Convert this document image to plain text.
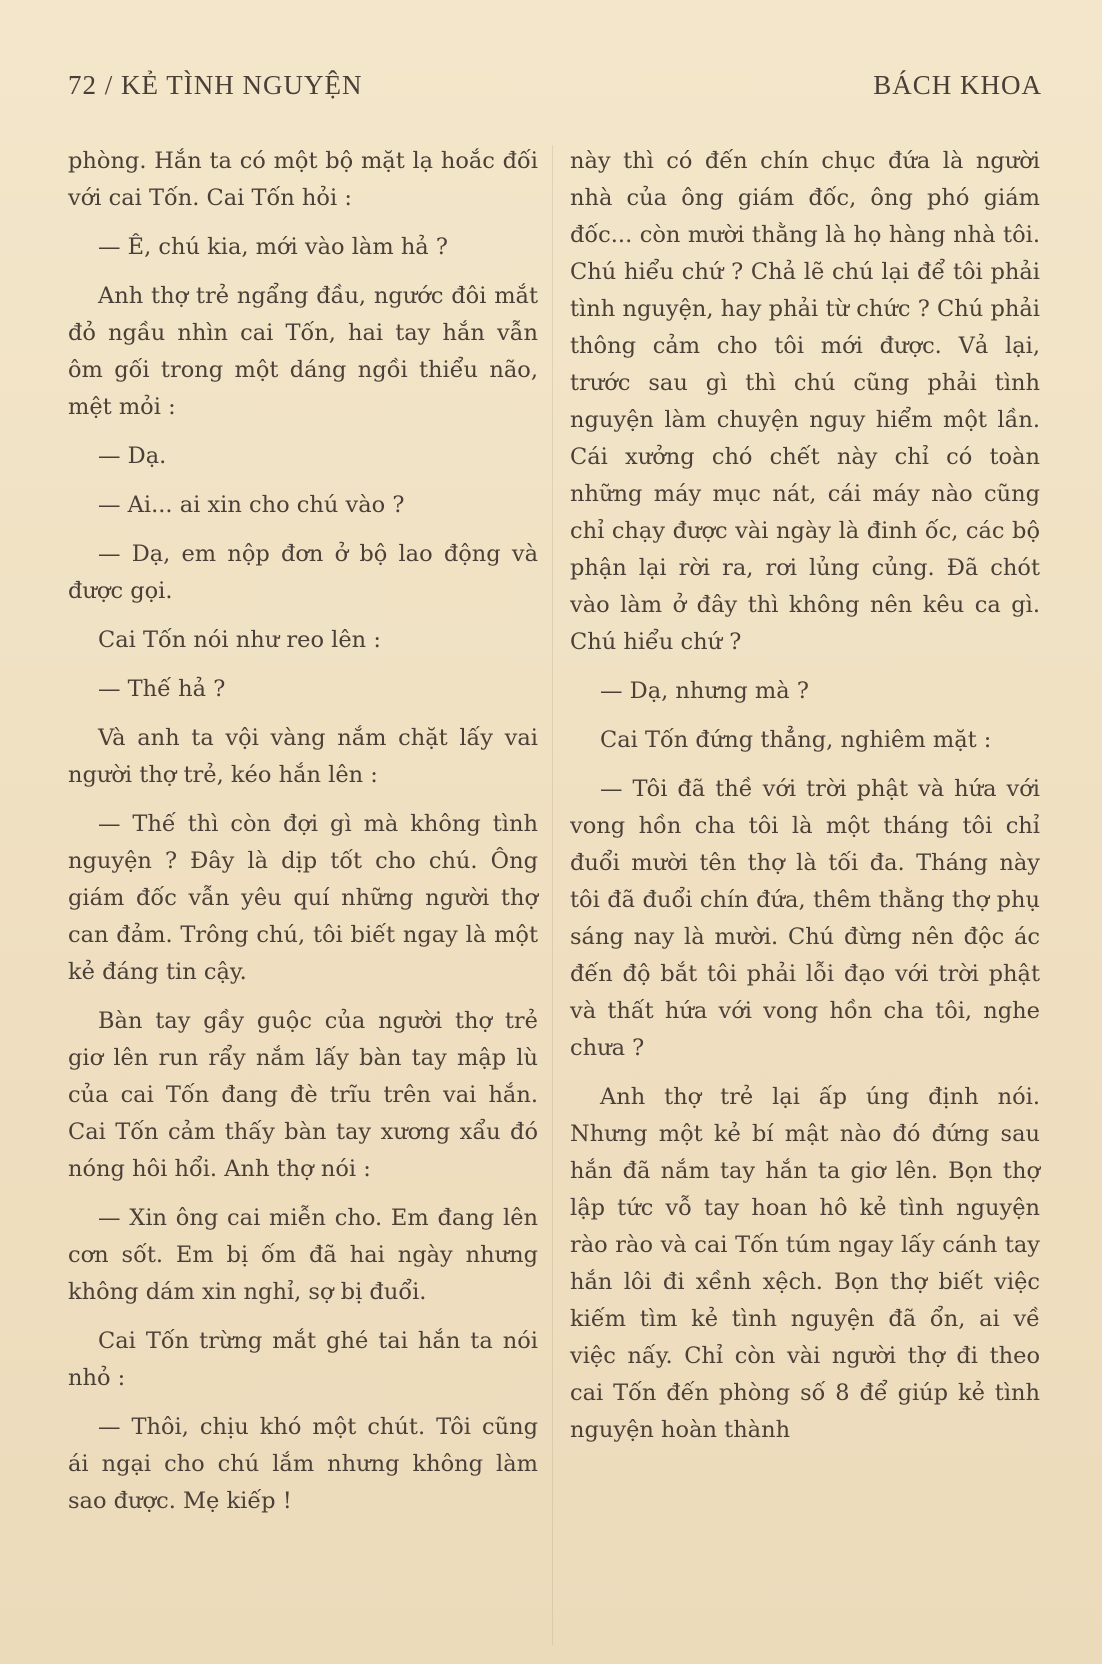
72 / KẺ TÌNH NGUYỆN	BÁCH KHOA

phòng. Hắn ta có một bộ mặt lạ hoắc đối với cai Tốn. Cai Tốn hỏi :

— Ê, chú kia, mới vào làm hả ?

Anh thợ trẻ ngẩng đầu, ngước đôi mắt đỏ ngầu nhìn cai Tốn, hai tay hắn vẫn ôm gối trong một dáng ngồi thiểu não, mệt mỏi :

— Dạ.

— Ai... ai xin cho chú vào ?

— Dạ, em nộp đơn ở bộ lao động và được gọi.

Cai Tốn nói như reo lên :

— Thế hả ?

Và anh ta vội vàng nắm chặt lấy vai người thợ trẻ, kéo hắn lên :

— Thế thì còn đợi gì mà không tình nguyện ? Đây là dịp tốt cho chú. Ông giám đốc vẫn yêu quí những người thợ can đảm. Trông chú, tôi biết ngay là một kẻ đáng tin cậy.

Bàn tay gầy guộc của người thợ trẻ giơ lên run rẩy nắm lấy bàn tay mập lù của cai Tốn đang đè trĩu trên vai hắn. Cai Tốn cảm thấy bàn tay xương xẩu đó nóng hôi hổi. Anh thợ nói :

— Xin ông cai miễn cho. Em đang lên cơn sốt. Em bị ốm đã hai ngày nhưng không dám xin nghỉ, sợ bị đuổi.

Cai Tốn trừng mắt ghé tai hắn ta nói nhỏ :

— Thôi, chịu khó một chút. Tôi cũng ái ngại cho chú lắm nhưng không làm sao được. Mẹ kiếp !

này thì có đến chín chục đứa là người nhà của ông giám đốc, ông phó giám đốc... còn mười thằng là họ hàng nhà tôi. Chú hiểu chứ ? Chả lẽ chú lại để tôi phải tình nguyện, hay phải từ chức ? Chú phải thông cảm cho tôi mới được. Vả lại, trước sau gì thì chú cũng phải tình nguyện làm chuyện nguy hiểm một lần. Cái xưởng chó chết này chỉ có toàn những máy mục nát, cái máy nào cũng chỉ chạy được vài ngày là đinh ốc, các bộ phận lại rời ra, rơi lủng củng. Đã chót vào làm ở đây thì không nên kêu ca gì. Chú hiểu chứ ?

— Dạ, nhưng mà ?

Cai Tốn đứng thẳng, nghiêm mặt :

— Tôi đã thề với trời phật và hứa với vong hồn cha tôi là một tháng tôi chỉ đuổi mười tên thợ là tối đa. Tháng này tôi đã đuổi chín đứa, thêm thằng thợ phụ sáng nay là mười. Chú đừng nên độc ác đến độ bắt tôi phải lỗi đạo với trời phật và thất hứa với vong hồn cha tôi, nghe chưa ?

Anh thợ trẻ lại ấp úng định nói. Nhưng một kẻ bí mật nào đó đứng sau hắn đã nắm tay hắn ta giơ lên. Bọn thợ lập tức vỗ tay hoan hô kẻ tình nguyện rào rào và cai Tốn túm ngay lấy cánh tay hắn lôi đi xềnh xệch. Bọn thợ biết việc kiếm tìm kẻ tình nguyện đã ổn, ai về việc nấy. Chỉ còn vài người thợ đi theo cai Tốn đến phòng số 8 để giúp kẻ tình nguyện hoàn thành
